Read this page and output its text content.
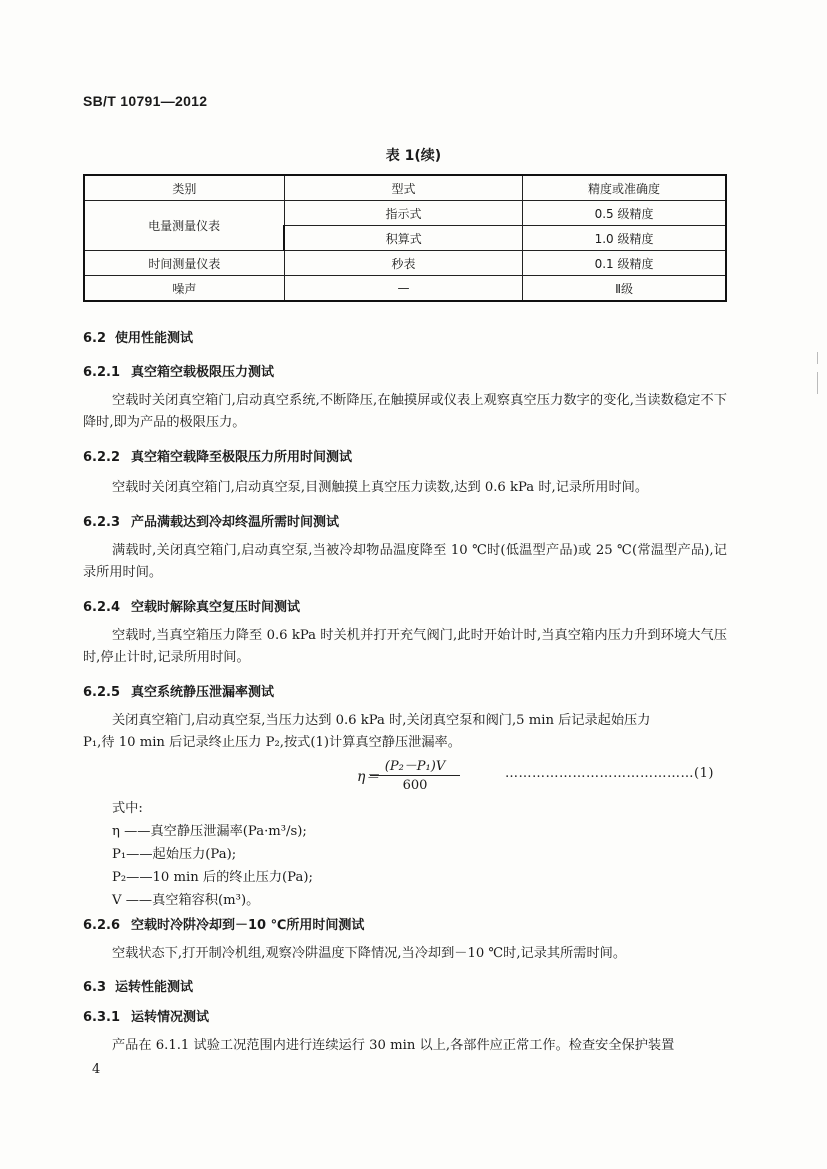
SB/T 10791—2012
表 1(续)
类别	型式	精度或准确度
电量测量仪表	指示式	0.5 级精度
	积算式	1.0 级精度
时间测量仪表	秒表	0.1 级精度
噪声	—	Ⅱ级
6.2 使用性能测试
6.2.1 真空箱空载极限压力测试
空载时关闭真空箱门,启动真空系统,不断降压,在触摸屏或仪表上观察真空压力数字的变化,当读数稳定不下降时,即为产品的极限压力。
6.2.2 真空箱空载降至极限压力所用时间测试
空载时关闭真空箱门,启动真空泵,目测触摸上真空压力读数,达到 0.6 kPa 时,记录所用时间。
6.2.3 产品满载达到冷却终温所需时间测试
满载时,关闭真空箱门,启动真空泵,当被冷却物品温度降至 10 ℃时(低温型产品)或 25 ℃(常温型产品),记录所用时间。
6.2.4 空载时解除真空复压时间测试
空载时,当真空箱压力降至 0.6 kPa 时关机并打开充气阀门,此时开始计时,当真空箱内压力升到环境大气压时,停止计时,记录所用时间。
6.2.5 真空系统静压泄漏率测试
关闭真空箱门,启动真空泵,当压力达到 0.6 kPa 时,关闭真空泵和阀门,5 min 后记录起始压力
P₁,待 10 min 后记录终止压力 P₂,按式(1)计算真空静压泄漏率。
η＝
$\frac{\text{(P₂－P₁)V}}{600}$	……………………………………(1)
式中:
η ——真空静压泄漏率(Pa·m³/s);
P₁——起始压力(Pa);
P₂——10 min 后的终止压力(Pa);
V ——真空箱容积(m³)。
6.2.6 空载时冷阱冷却到－10 ℃所用时间测试
空载状态下,打开制冷机组,观察冷阱温度下降情况,当冷却到－10 ℃时,记录其所需时间。
6.3 运转性能测试
6.3.1 运转情况测试
产品在 6.1.1 试验工况范围内进行连续运行 30 min 以上,各部件应正常工作。检查安全保护装置
4
